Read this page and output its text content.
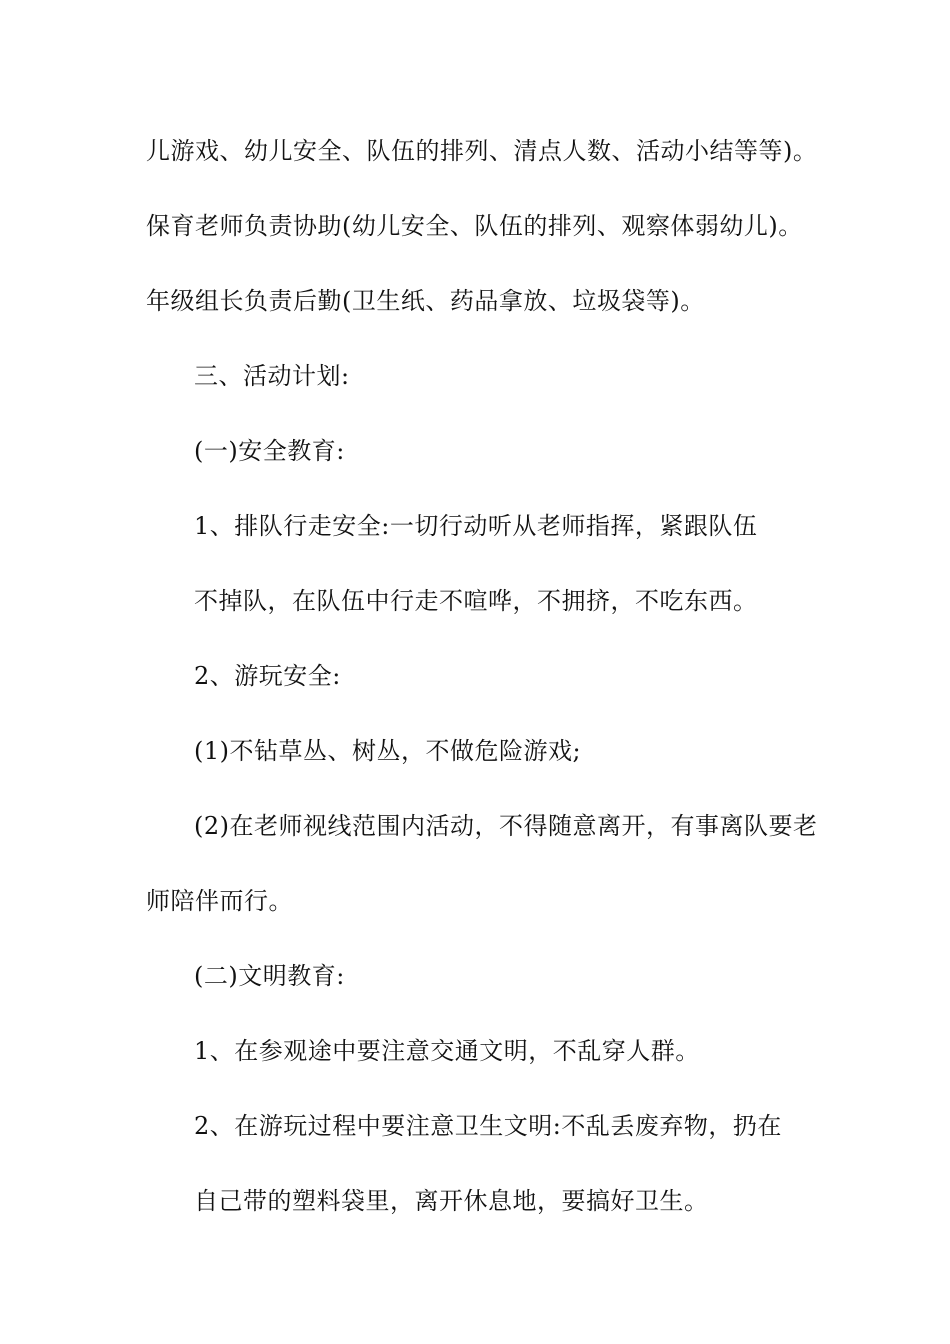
儿游戏、幼儿安全、队伍的排列、清点人数、活动小结等等)。
保育老师负责协助(幼儿安全、队伍的排列、观察体弱幼儿)。
年级组长负责后勤(卫生纸、药品拿放、垃圾袋等)。
三、活动计划:
(一)安全教育:
1、排队行走安全:一切行动听从老师指挥，紧跟队伍
不掉队，在队伍中行走不喧哗，不拥挤，不吃东西。
2、游玩安全:
(1)不钻草丛、树丛，不做危险游戏;
(2)在老师视线范围内活动，不得随意离开，有事离队要老
师陪伴而行。
(二)文明教育:
1、在参观途中要注意交通文明，不乱穿人群。
2、在游玩过程中要注意卫生文明:不乱丢废弃物，扔在
自己带的塑料袋里，离开休息地，要搞好卫生。
